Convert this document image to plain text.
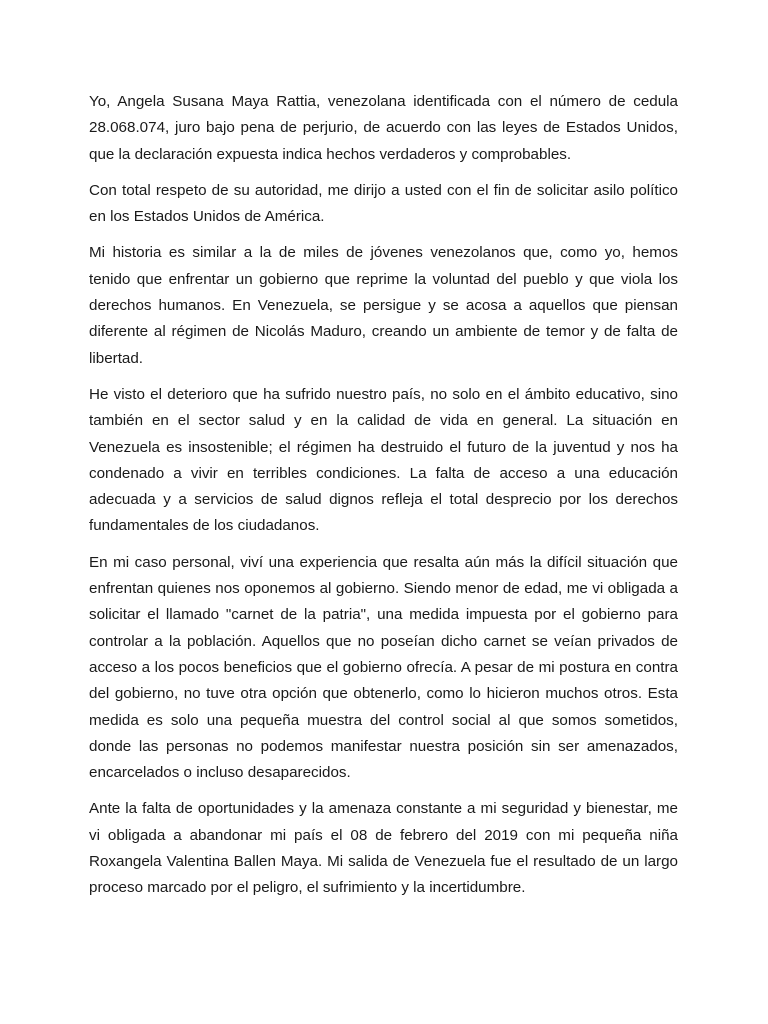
Yo, Angela Susana Maya Rattia, venezolana identificada con el número de cedula 28.068.074, juro bajo pena de perjurio, de acuerdo con las leyes de Estados Unidos, que la declaración expuesta indica hechos verdaderos y comprobables.

Con total respeto de su autoridad, me dirijo a usted con el fin de solicitar asilo político en los Estados Unidos de América.

Mi historia es similar a la de miles de jóvenes venezolanos que, como yo, hemos tenido que enfrentar un gobierno que reprime la voluntad del pueblo y que viola los derechos humanos. En Venezuela, se persigue y se acosa a aquellos que piensan diferente al régimen de Nicolás Maduro, creando un ambiente de temor y de falta de libertad.

He visto el deterioro que ha sufrido nuestro país, no solo en el ámbito educativo, sino también en el sector salud y en la calidad de vida en general. La situación en Venezuela es insostenible; el régimen ha destruido el futuro de la juventud y nos ha condenado a vivir en terribles condiciones. La falta de acceso a una educación adecuada y a servicios de salud dignos refleja el total desprecio por los derechos fundamentales de los ciudadanos.

En mi caso personal, viví una experiencia que resalta aún más la difícil situación que enfrentan quienes nos oponemos al gobierno. Siendo menor de edad, me vi obligada a solicitar el llamado "carnet de la patria", una medida impuesta por el gobierno para controlar a la población. Aquellos que no poseían dicho carnet se veían privados de acceso a los pocos beneficios que el gobierno ofrecía. A pesar de mi postura en contra del gobierno, no tuve otra opción que obtenerlo, como lo hicieron muchos otros. Esta medida es solo una pequeña muestra del control social al que somos sometidos, donde las personas no podemos manifestar nuestra posición sin ser amenazados, encarcelados o incluso desaparecidos.

Ante la falta de oportunidades y la amenaza constante a mi seguridad y bienestar, me vi obligada a abandonar mi país el 08 de febrero del 2019 con mi pequeña niña Roxangela Valentina Ballen Maya. Mi salida de Venezuela fue el resultado de un largo proceso marcado por el peligro, el sufrimiento y la incertidumbre.
